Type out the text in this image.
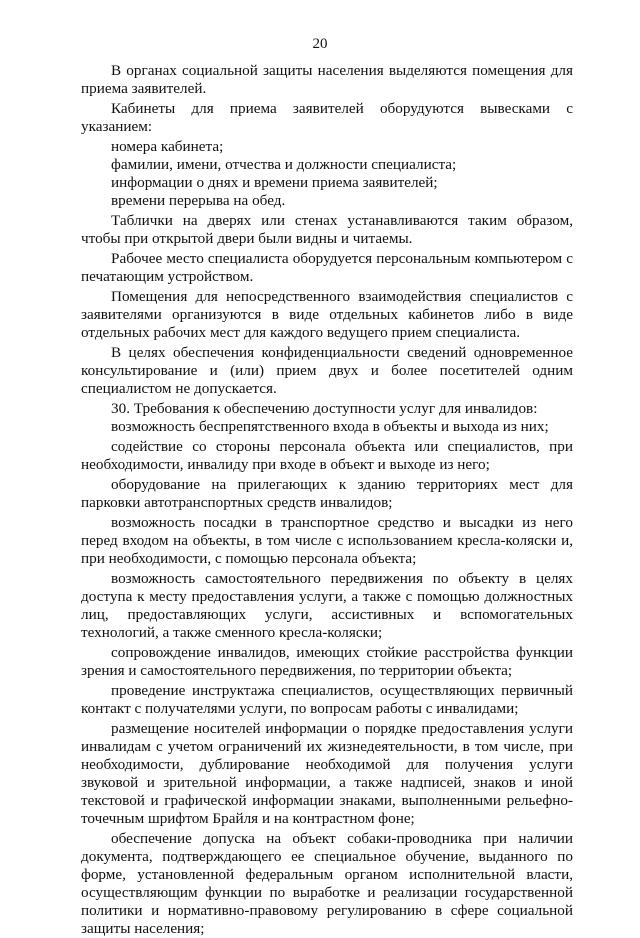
20
В органах социальной защиты населения выделяются помещения для
приема заявителей.
Кабинеты для приема заявителей оборудуются вывесками с
указанием:
номера кабинета;
фамилии, имени, отчества и должности специалиста;
информации о днях и времени приема заявителей;
времени перерыва на обед.
Таблички на дверях или стенах устанавливаются таким образом,
чтобы при открытой двери были видны и читаемы.
Рабочее место специалиста оборудуется персональным компьютером с
печатающим устройством.
Помещения для непосредственного взаимодействия специалистов с
заявителями организуются в виде отдельных кабинетов либо в виде
отдельных рабочих мест для каждого ведущего прием специалиста.
В целях обеспечения конфиденциальности сведений одновременное
консультирование и (или) прием двух и более посетителей одним
специалистом не допускается.
30. Требования к обеспечению доступности услуг для инвалидов:
возможность беспрепятственного входа в объекты и выхода из них;
содействие со стороны персонала объекта или специалистов, при
необходимости, инвалиду при входе в объект и выходе из него;
оборудование на прилегающих к зданию территориях мест для
парковки автотранспортных средств инвалидов;
возможность посадки в транспортное средство и высадки из него
перед входом на объекты, в том числе с использованием кресла-коляски и,
при необходимости, с помощью персонала объекта;
возможность самостоятельного передвижения по объекту в целях
доступа к месту предоставления услуги, а также с помощью должностных
лиц, предоставляющих услуги, ассистивных и вспомогательных
технологий, а также сменного кресла-коляски;
сопровождение инвалидов, имеющих стойкие расстройства функции
зрения и самостоятельного передвижения, по территории объекта;
проведение инструктажа специалистов, осуществляющих первичный
контакт с получателями услуги, по вопросам работы с инвалидами;
размещение носителей информации о порядке предоставления услуги
инвалидам с учетом ограничений их жизнедеятельности, в том числе, при
необходимости, дублирование необходимой для получения услуги
звуковой и зрительной информации, а также надписей, знаков и иной
текстовой и графической информации знаками, выполненными рельефно-
точечным шрифтом Брайля и на контрастном фоне;
обеспечение допуска на объект собаки-проводника при наличии
документа, подтверждающего ее специальное обучение, выданного по
форме, установленной федеральным органом исполнительной власти,
осуществляющим функции по выработке и реализации государственной
политики и нормативно-правовому регулированию в сфере социальной
защиты населения;
